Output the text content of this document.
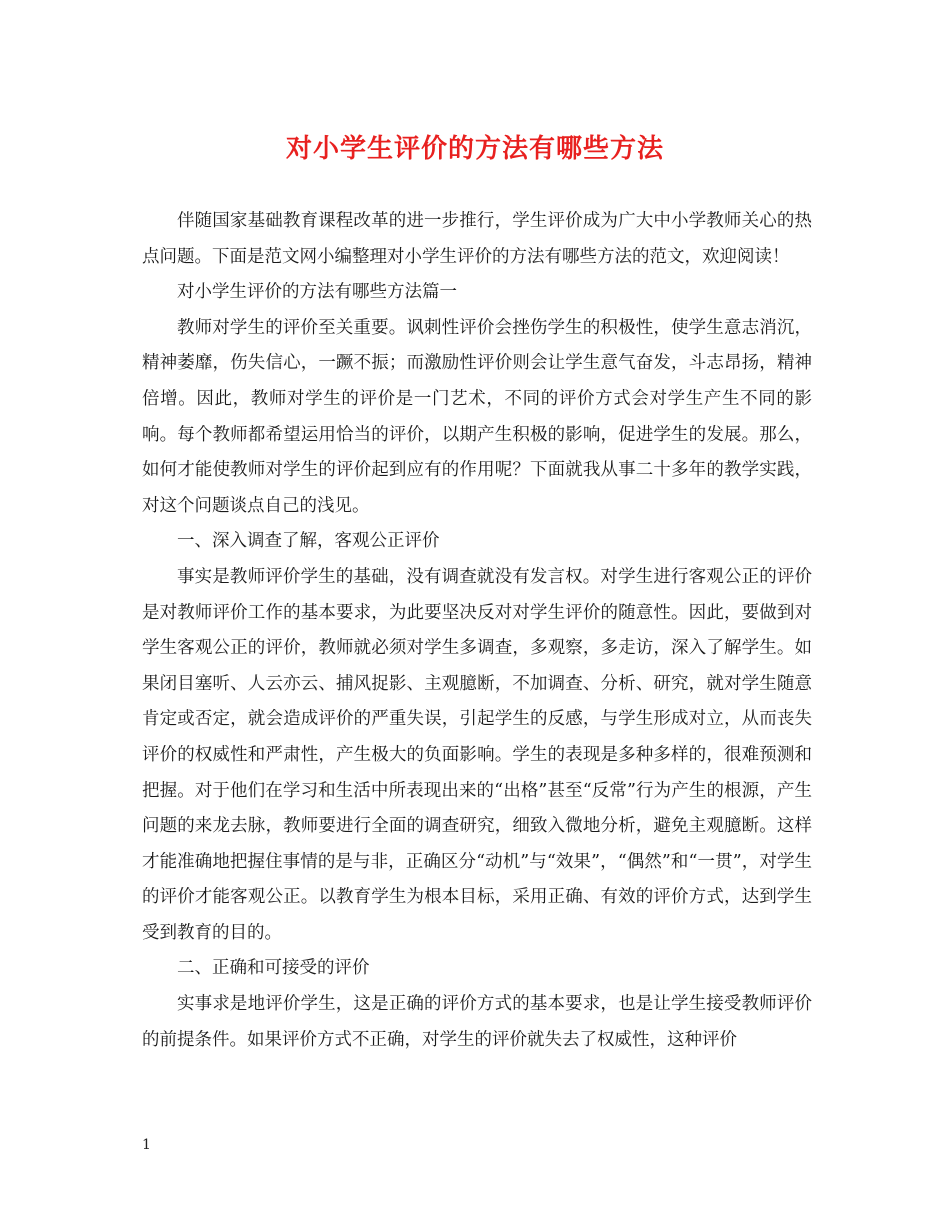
对小学生评价的方法有哪些方法

伴随国家基础教育课程改革的进一步推行，学生评价成为广大中小学教师关心的热点问题。下面是范文网小编整理对小学生评价的方法有哪些方法的范文，欢迎阅读！

对小学生评价的方法有哪些方法篇一

教师对学生的评价至关重要。讽刺性评价会挫伤学生的积极性，使学生意志消沉，精神萎靡，伤失信心，一蹶不振；而激励性评价则会让学生意气奋发，斗志昂扬，精神倍增。因此，教师对学生的评价是一门艺术，不同的评价方式会对学生产生不同的影响。每个教师都希望运用恰当的评价，以期产生积极的影响，促进学生的发展。那么，如何才能使教师对学生的评价起到应有的作用呢？下面就我从事二十多年的教学实践，对这个问题谈点自己的浅见。

一、深入调查了解，客观公正评价

事实是教师评价学生的基础，没有调查就没有发言权。对学生进行客观公正的评价是对教师评价工作的基本要求，为此要坚决反对对学生评价的随意性。因此，要做到对学生客观公正的评价，教师就必须对学生多调查，多观察，多走访，深入了解学生。如果闭目塞听、人云亦云、捕风捉影、主观臆断，不加调查、分析、研究，就对学生随意肯定或否定，就会造成评价的严重失误，引起学生的反感，与学生形成对立，从而丧失评价的权威性和严肃性，产生极大的负面影响。学生的表现是多种多样的，很难预测和把握。对于他们在学习和生活中所表现出来的“出格”甚至“反常”行为产生的根源，产生问题的来龙去脉，教师要进行全面的调查研究，细致入微地分析，避免主观臆断。这样才能准确地把握住事情的是与非，正确区分“动机”与“效果”，“偶然”和“一贯”，对学生的评价才能客观公正。以教育学生为根本目标，采用正确、有效的评价方式，达到学生受到教育的目的。

二、正确和可接受的评价

实事求是地评价学生，这是正确的评价方式的基本要求，也是让学生接受教师评价的前提条件。如果评价方式不正确，对学生的评价就失去了权威性，这种评价

1
